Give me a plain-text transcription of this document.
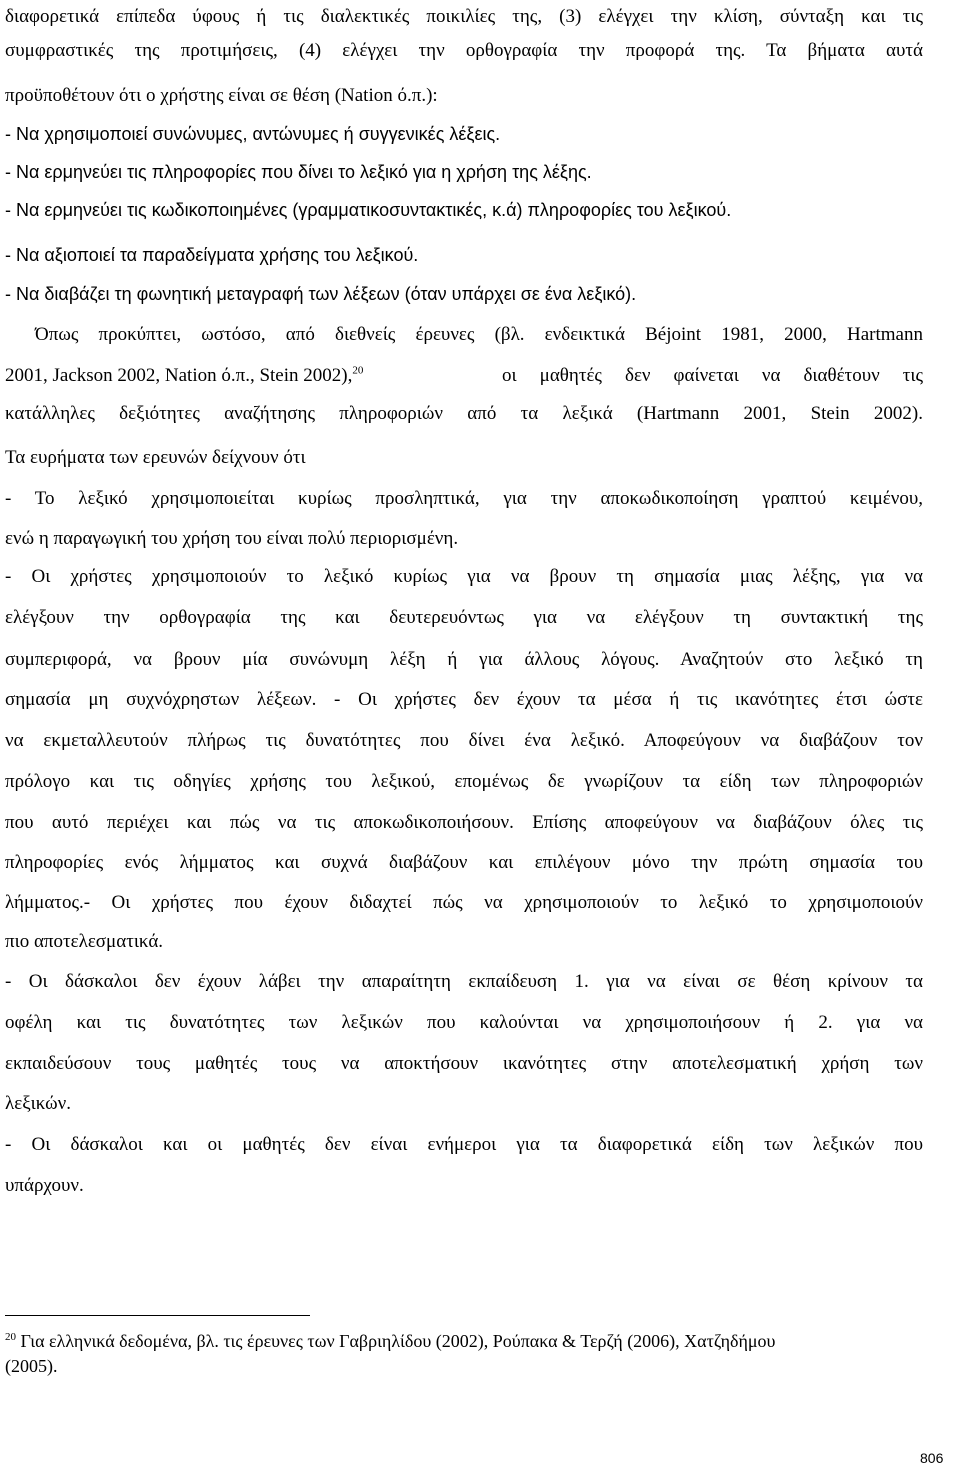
διαφορετικά επίπεδα ύφους ή τις διαλεκτικές ποικιλίες της, (3) ελέγχει την κλίση, σύνταξη και τις
συμφραστικές της προτιμήσεις, (4) ελέγχει την ορθογραφία την προφορά της. Τα βήματα αυτά
προϋποθέτουν ότι ο χρήστης είναι σε θέση (Nation ό.π.):
- Να χρησιμοποιεί συνώνυμες, αντώνυμες ή συγγενικές λέξεις.
- Να ερμηνεύει τις πληροφορίες που δίνει το λεξικό για η χρήση της λέξης.
- Να ερμηνεύει τις κωδικοποιημένες (γραμματικοσυντακτικές, κ.ά) πληροφορίες του λεξικού.
- Να αξιοποιεί τα παραδείγματα χρήσης του λεξικού.
- Να διαβάζει τη φωνητική μεταγραφή των λέξεων (όταν υπάρχει σε ένα λεξικό).
Όπως προκύπτει, ωστόσο, από διεθνείς έρευνες (βλ. ενδεικτικά Béjoint 1981, 2000, Hartmann
2001, Jackson 2002, Nation ό.π., Stein 2002),$^{20}$	οι μαθητές δεν φαίνεται να διαθέτουν τις
κατάλληλες δεξιότητες αναζήτησης πληροφοριών από τα λεξικά (Hartmann 2001, Stein 2002).
Τα ευρήματα των ερευνών δείχνουν ότι
- Το λεξικό χρησιμοποιείται κυρίως προσληπτικά, για την αποκωδικοποίηση γραπτού κειμένου,
ενώ η παραγωγική του χρήση του είναι πολύ περιορισμένη.
- Οι χρήστες χρησιμοποιούν το λεξικό κυρίως για να βρουν τη σημασία μιας λέξης, για να
ελέγξουν την ορθογραφία της και δευτερευόντως για να ελέγξουν τη συντακτική της
συμπεριφορά, να βρουν μία συνώνυμη λέξη ή για άλλους λόγους. Αναζητούν στο λεξικό τη
σημασία μη συχνόχρηστων λέξεων. - Οι χρήστες δεν έχουν τα μέσα ή τις ικανότητες έτσι ώστε
να εκμεταλλευτούν πλήρως τις δυνατότητες που δίνει ένα λεξικό. Αποφεύγουν να διαβάζουν τον
πρόλογο και τις οδηγίες χρήσης του λεξικού, επομένως δε γνωρίζουν τα είδη των πληροφοριών
που αυτό περιέχει και πώς να τις αποκωδικοποιήσουν. Επίσης αποφεύγουν να διαβάζουν όλες τις
πληροφορίες ενός λήμματος και συχνά διαβάζουν και επιλέγουν μόνο την πρώτη σημασία του
λήμματος.- Οι χρήστες που έχουν διδαχτεί πώς να χρησιμοποιούν το λεξικό το χρησιμοποιούν
πιο αποτελεσματικά.
- Οι δάσκαλοι δεν έχουν λάβει την απαραίτητη εκπαίδευση 1. για να είναι σε θέση κρίνουν τα
οφέλη και τις δυνατότητες των λεξικών που καλούνται να χρησιμοποιήσουν ή 2. για να
εκπαιδεύσουν τους μαθητές τους να αποκτήσουν ικανότητες στην αποτελεσματική χρήση των
λεξικών.
- Οι δάσκαλοι και οι μαθητές δεν είναι ενήμεροι για τα διαφορετικά είδη των λεξικών που
υπάρχουν.
$^{20}$ Για ελληνικά δεδομένα, βλ. τις έρευνες των Γαβριηλίδου (2002), Ρούπακα & Τερζή (2006), Χατζηδήμου
(2005).
806
